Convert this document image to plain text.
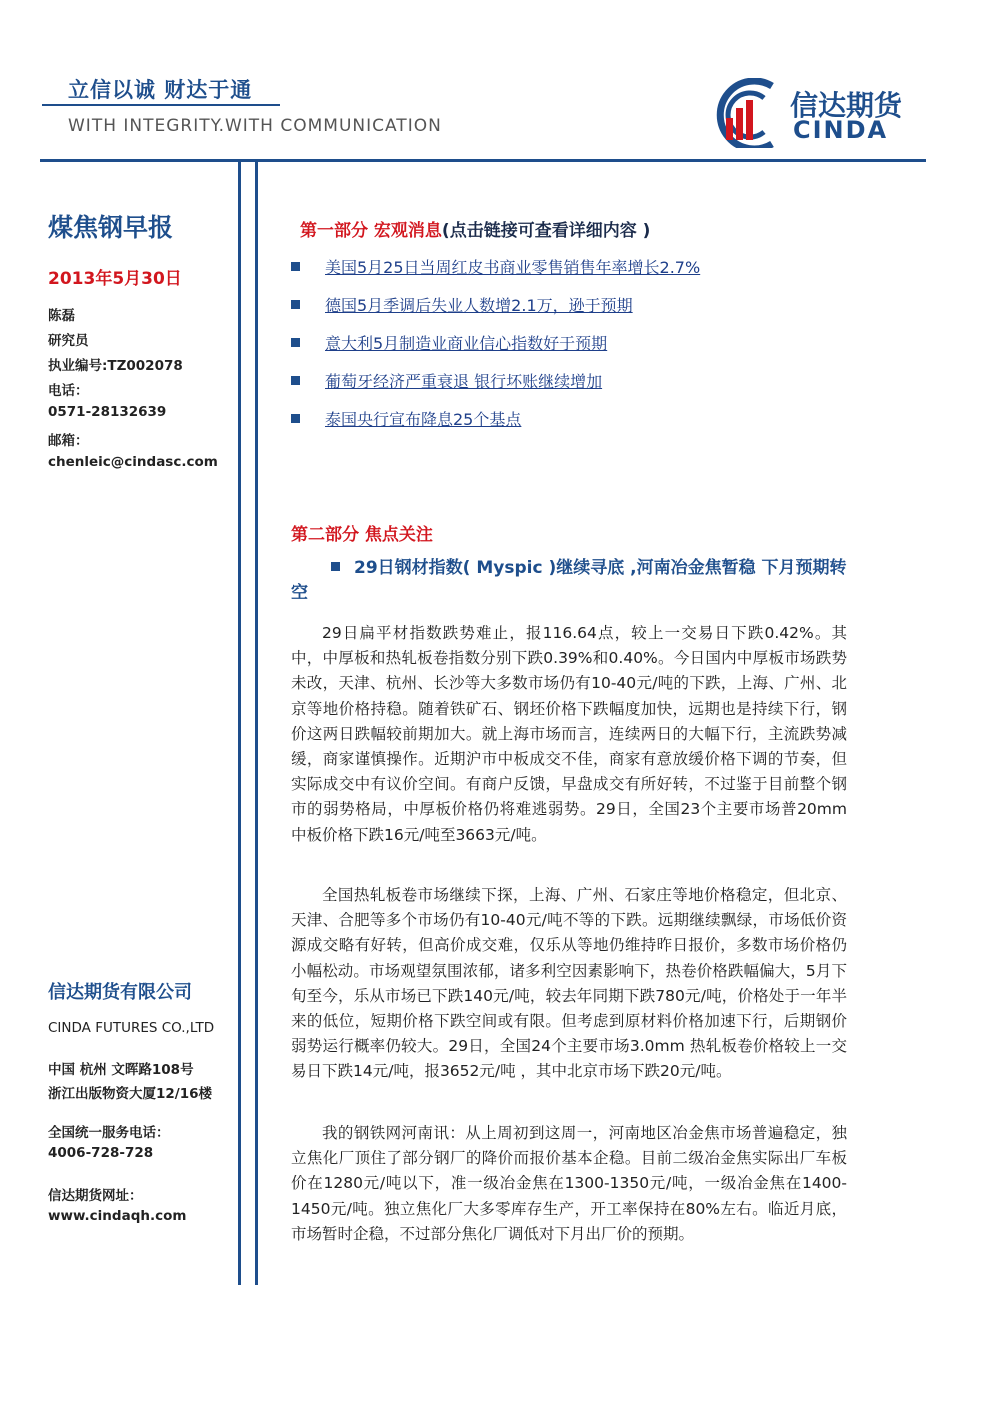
立信以诚 财达于通
WITH INTEGRITY.WITH COMMUNICATION
信达期货
CINDA
煤焦钢早报
2013年5月30日
陈磊
研究员
执业编号:TZ002078
电话：
0571-28132639
邮箱：
chenleic@cindasc.com
信达期货有限公司
CINDA FUTURES CO.,LTD
中国 杭州 文晖路108号
浙江出版物资大厦12/16楼
全国统一服务电话：
4006-728-728
信达期货网址：
www.cindaqh.com
第一部分 宏观消息(点击链接可查看详细内容 )
美国5月25日当周红皮书商业零售销售年率增长2.7%
德国5月季调后失业人数增2.1万，逊于预期
意大利5月制造业商业信心指数好于预期
葡萄牙经济严重衰退 银行坏账继续增加
泰国央行宣布降息25个基点
第二部分 焦点关注
29日钢材指数( Myspic )继续寻底 ,河南冶金焦暂稳 下月预期转空
29日扁平材指数跌势难止，报116.64点，较上一交易日下跌0.42%。其中，中厚板和热轧板卷指数分别下跌0.39%和0.40%。今日国内中厚板市场跌势未改，天津、杭州、长沙等大多数市场仍有10-40元/吨的下跌，上海、广州、北京等地价格持稳。随着铁矿石、钢坯价格下跌幅度加快，远期也是持续下行，钢价这两日跌幅较前期加大。就上海市场而言，连续两日的大幅下行，主流跌势减缓，商家谨慎操作。近期沪市中板成交不佳，商家有意放缓价格下调的节奏，但实际成交中有议价空间。有商户反馈，早盘成交有所好转，不过鉴于目前整个钢市的弱势格局，中厚板价格仍将难逃弱势。29日，全国23个主要市场普20mm 中板价格下跌16元/吨至3663元/吨。
全国热轧板卷市场继续下探，上海、广州、石家庄等地价格稳定，但北京、天津、合肥等多个市场仍有10-40元/吨不等的下跌。远期继续飘绿，市场低价资源成交略有好转，但高价成交难，仅乐从等地仍维持昨日报价，多数市场价格仍小幅松动。市场观望氛围浓郁，诸多利空因素影响下，热卷价格跌幅偏大，5月下旬至今，乐从市场已下跌140元/吨，较去年同期下跌780元/吨，价格处于一年半来的低位，短期价格下跌空间或有限。但考虑到原材料价格加速下行，后期钢价弱势运行概率仍较大。29日，全国24个主要市场3.0mm 热轧板卷价格较上一交易日下跌14元/吨，报3652元/吨 ，其中北京市场下跌20元/吨。
我的钢铁网河南讯：从上周初到这周一，河南地区冶金焦市场普遍稳定，独立焦化厂顶住了部分钢厂的降价而报价基本企稳。目前二级冶金焦实际出厂车板价在1280元/吨以下，准一级冶金焦在1300-1350元/吨，一级冶金焦在1400-1450元/吨。独立焦化厂大多零库存生产，开工率保持在80%左右。临近月底，市场暂时企稳，不过部分焦化厂调低对下月出厂价的预期。
